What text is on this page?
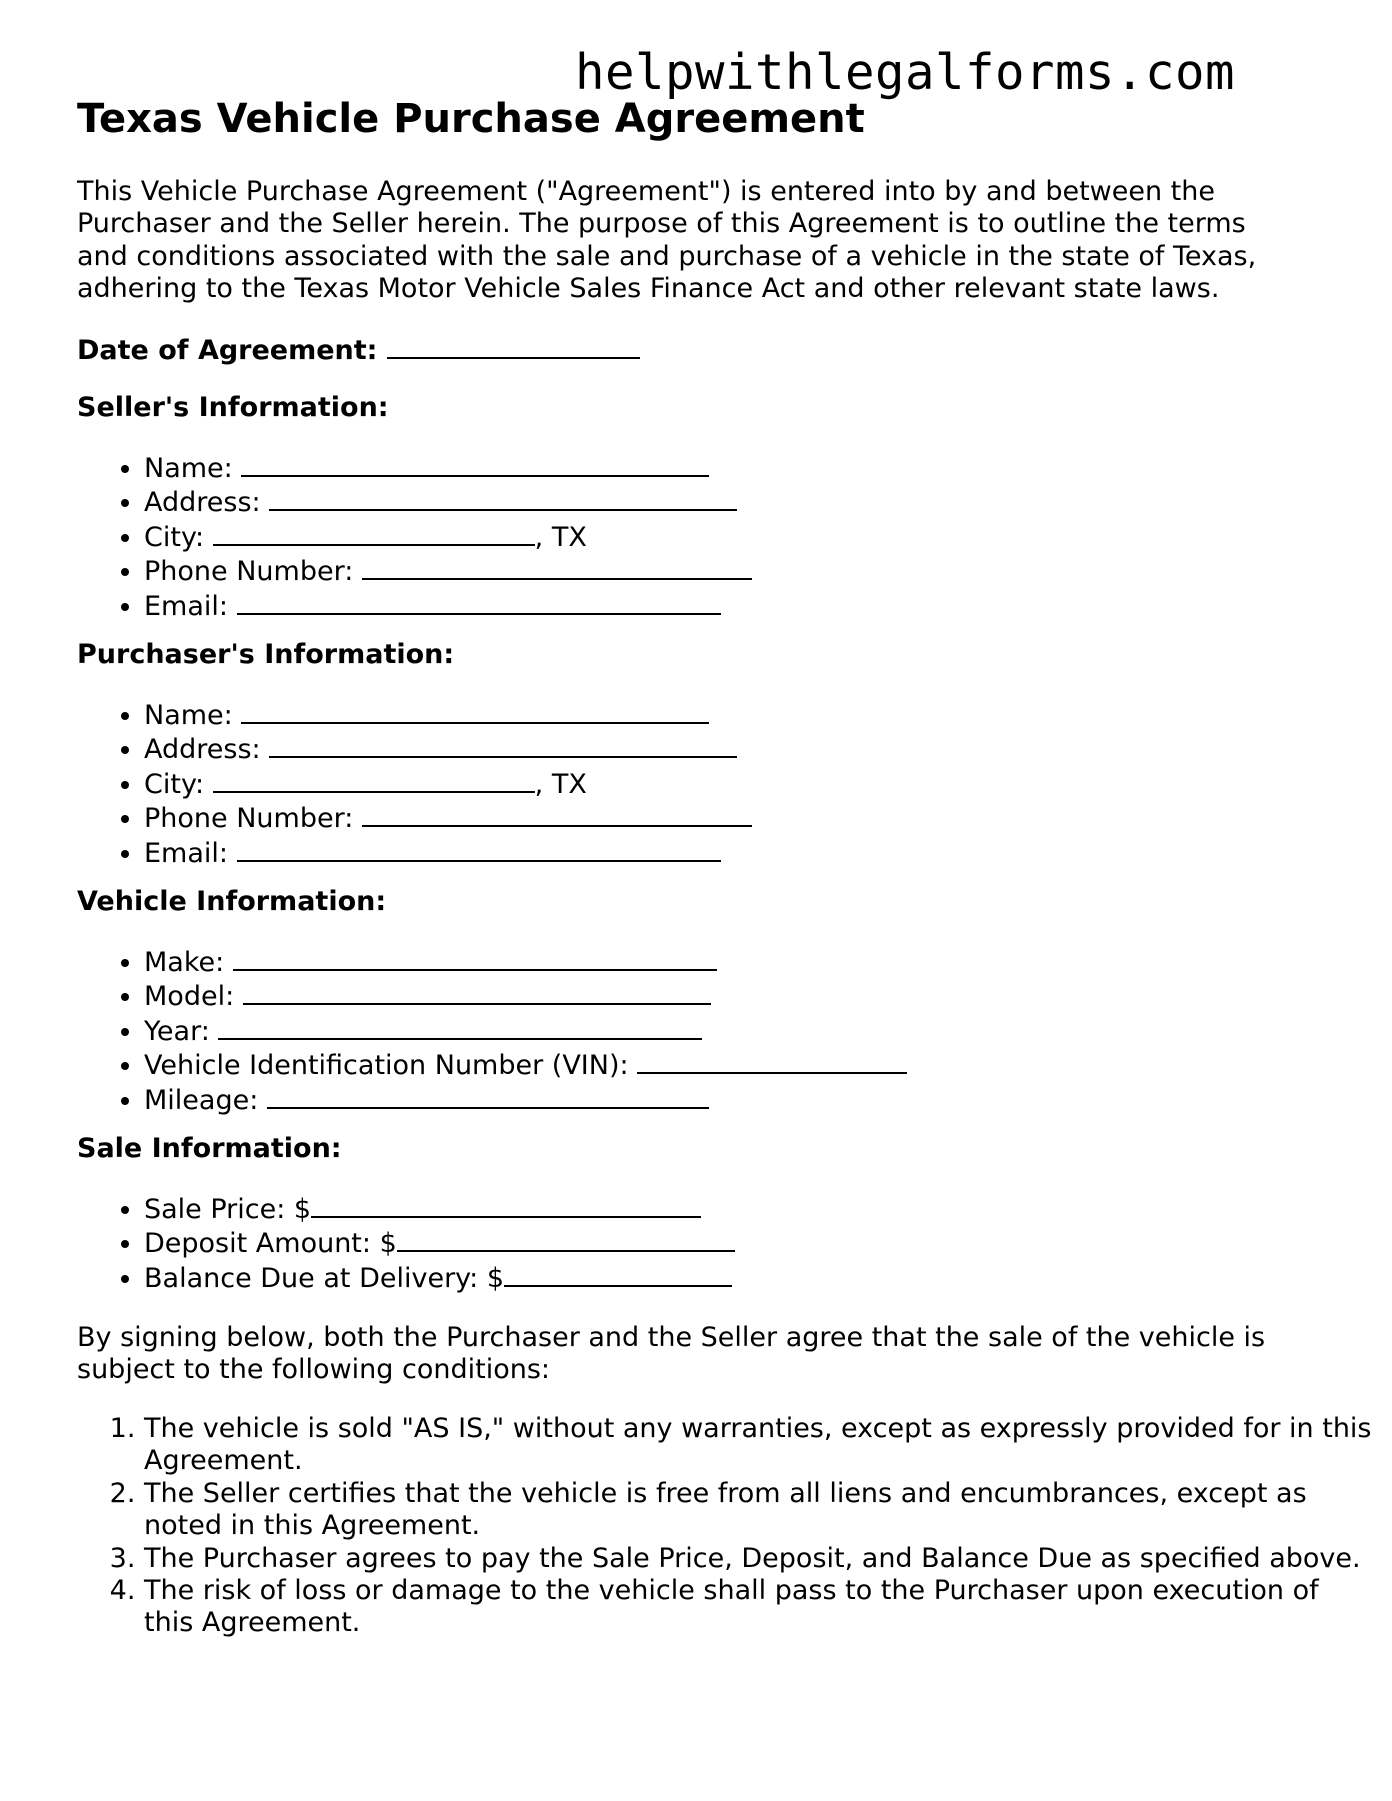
helpwithlegalforms.com
Texas Vehicle Purchase Agreement

This Vehicle Purchase Agreement ("Agreement") is entered into by and between the Purchaser and the Seller herein. The purpose of this Agreement is to outline the terms and conditions associated with the sale and purchase of a vehicle in the state of Texas, adhering to the Texas Motor Vehicle Sales Finance Act and other relevant state laws.

Date of Agreement:

Seller's Information:

• Name:
• Address:
• City:	, TX
• Phone Number:
• Email:

Purchaser's Information:

• Name:
• Address:
• City:	, TX
• Phone Number:
• Email:

Vehicle Information:

• Make:
• Model:
• Year:
• Vehicle Identification Number (VIN):
• Mileage:

Sale Information:

• Sale Price: $
• Deposit Amount: $
• Balance Due at Delivery: $

By signing below, both the Purchaser and the Seller agree that the sale of the vehicle is subject to the following conditions:

1. The vehicle is sold "AS IS," without any warranties, except as expressly provided for in this Agreement.
2. The Seller certifies that the vehicle is free from all liens and encumbrances, except as noted in this Agreement.
3. The Purchaser agrees to pay the Sale Price, Deposit, and Balance Due as specified above.
4. The risk of loss or damage to the vehicle shall pass to the Purchaser upon execution of this Agreement.
